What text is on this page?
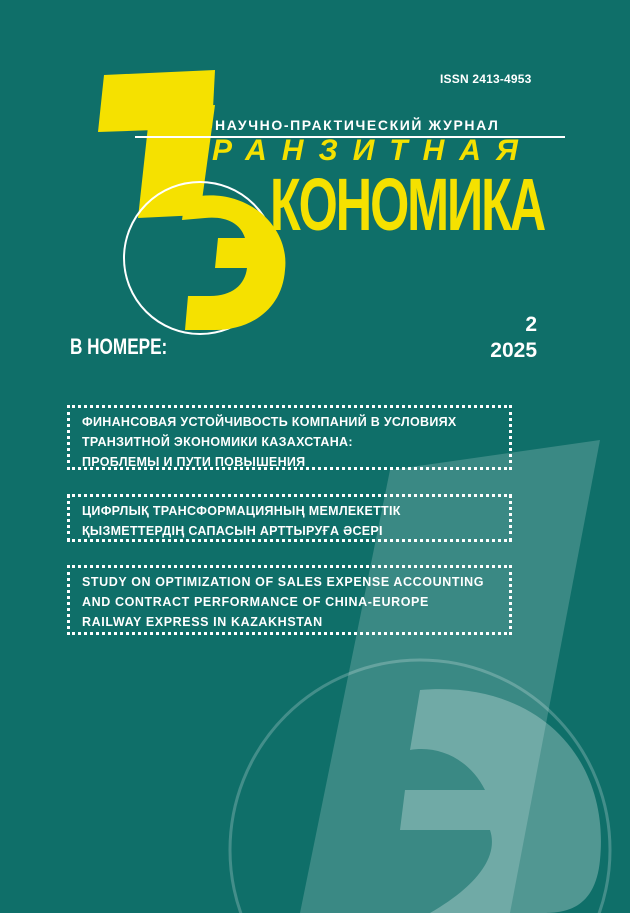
ISSN 2413-4953
НАУЧНО-ПРАКТИЧЕСКИЙ ЖУРНАЛ
РАНЗИТНАЯ
КОНОМИКА
В НОМЕРЕ:
2
2025
ФИНАНСОВАЯ УСТОЙЧИВОСТЬ КОМПАНИЙ В УСЛОВИЯХ
ТРАНЗИТНОЙ ЭКОНОМИКИ КАЗАХСТАНА:
ПРОБЛЕМЫ И ПУТИ ПОВЫШЕНИЯ
ЦИФРЛЫҚ ТРАНСФОРМАЦИЯНЫҢ МЕМЛЕКЕТТІК
ҚЫЗМЕТТЕРДІҢ САПАСЫН АРТТЫРУҒА ӘСЕРІ
STUDY ON OPTIMIZATION OF SALES EXPENSE ACCOUNTING
AND CONTRACT PERFORMANCE OF CHINA-EUROPE
RAILWAY EXPRESS IN KAZAKHSTAN
